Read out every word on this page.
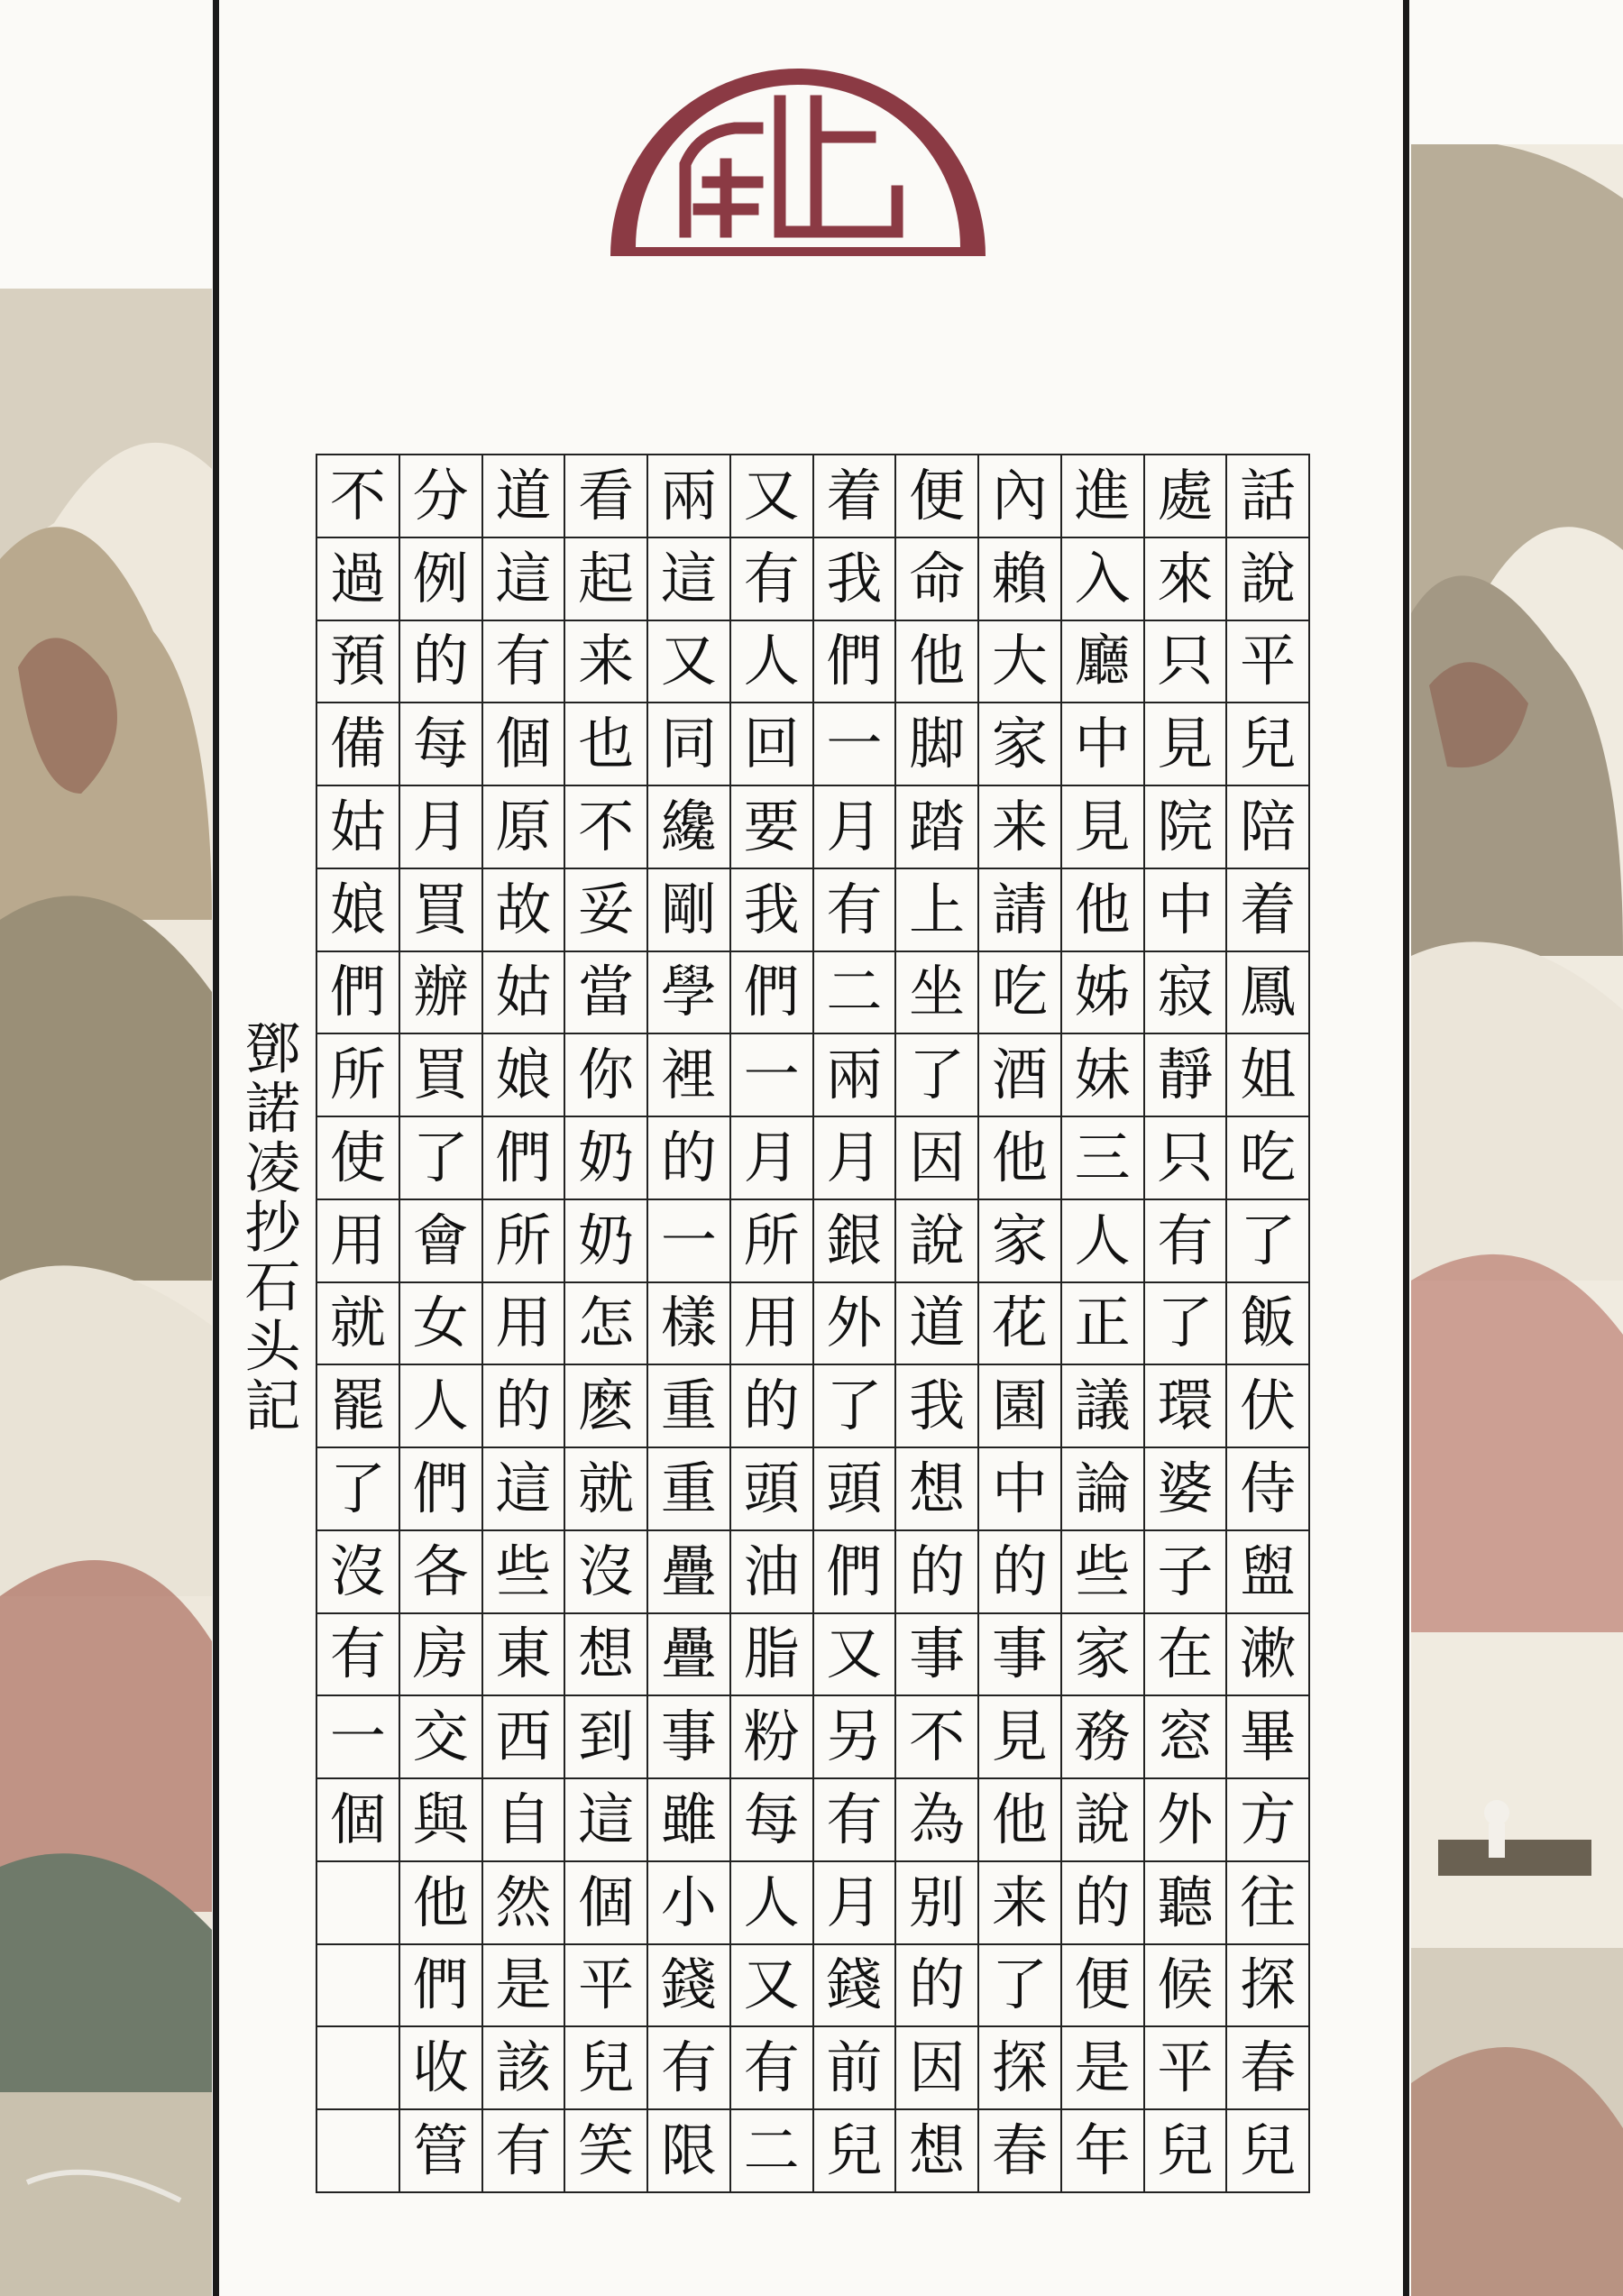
不 分 道 看 兩 又 着 便 內 進 處 話
過 例 這 起 這 有 我 命 賴 入 來 說
預 的 有 来 又 人 們 他 大 廳 只 平
備 每 個 也 同 回 一 脚 家 中 見 兒
姑 月 原 不 纔 要 月 踏 来 見 院 陪
娘 買 故 妥 剛 我 有 上 請 他 中 着
們 辦 姑 當 學 們 二 坐 吃 姊 寂 鳳
所 買 娘 你 裡 一 兩 了 酒 妹 靜 姐
使 了 們 奶 的 月 月 因 他 三 只 吃
用 會 所 奶 一 所 銀 說 家 人 有 了
就 女 用 怎 樣 用 外 道 花 正 了 飯
罷 人 的 麽 重 的 了 我 園 議 環 伏
了 們 這 就 重 頭 頭 想 中 論 婆 侍
沒 各 些 沒 疊 油 們 的 的 些 子 盥
有 房 東 想 疊 脂 又 事 事 家 在 漱
一 交 西 到 事 粉 另 不 見 務 窓 畢
個 與 自 這 雖 每 有 為 他 說 外 方
他 然 個 小 人 月 别 来 的 聽 往
們 是 平 錢 又 錢 的 了 便 候 探
收 該 兒 有 有 前 因 探 是 平 春
管 有 笑 限 二 兒 想 春 年 兒 兒
鄧諾凌抄石头記
